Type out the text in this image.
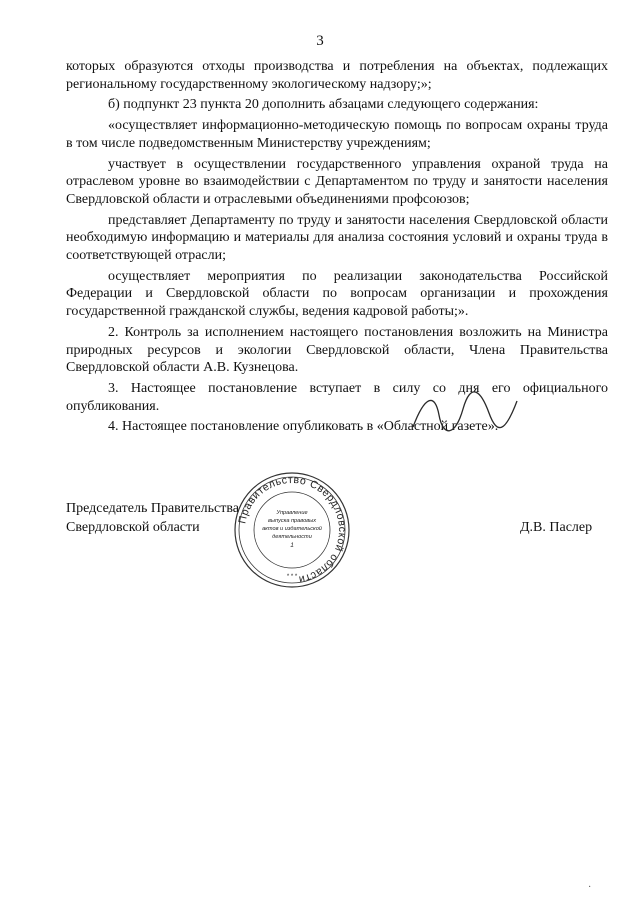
3

которых образуются отходы производства и потребления на объектах, подлежащих региональному государственному экологическому надзору;»;

б) подпункт 23 пункта 20 дополнить абзацами следующего содержания:

«осуществляет информационно-методическую помощь по вопросам охраны труда в том числе подведомственным Министерству учреждениям;

участвует в осуществлении государственного управления охраной труда на отраслевом уровне во взаимодействии с Департаментом по труду и занятости населения Свердловской области и отраслевыми объединениями профсоюзов;

представляет Департаменту по труду и занятости населения Свердловской области необходимую информацию и материалы для анализа состояния условий и охраны труда в соответствующей отрасли;

осуществляет мероприятия по реализации законодательства Российской Федерации и Свердловской области по вопросам организации и прохождения государственной гражданской службы, ведения кадровой работы;».

2. Контроль за исполнением настоящего постановления возложить на Министра природных ресурсов и экологии Свердловской области, Члена Правительства Свердловской области А.В. Кузнецова.

3. Настоящее постановление вступает в силу со дня его официального опубликования.

4. Настоящее постановление опубликовать в «Областной газете».

Председатель Правительства
Свердловской области	Д.В. Паслер
Правительство Свердловской области
Управление
выпуска правовых
актов и издательской
деятельности
1
* * *
·
